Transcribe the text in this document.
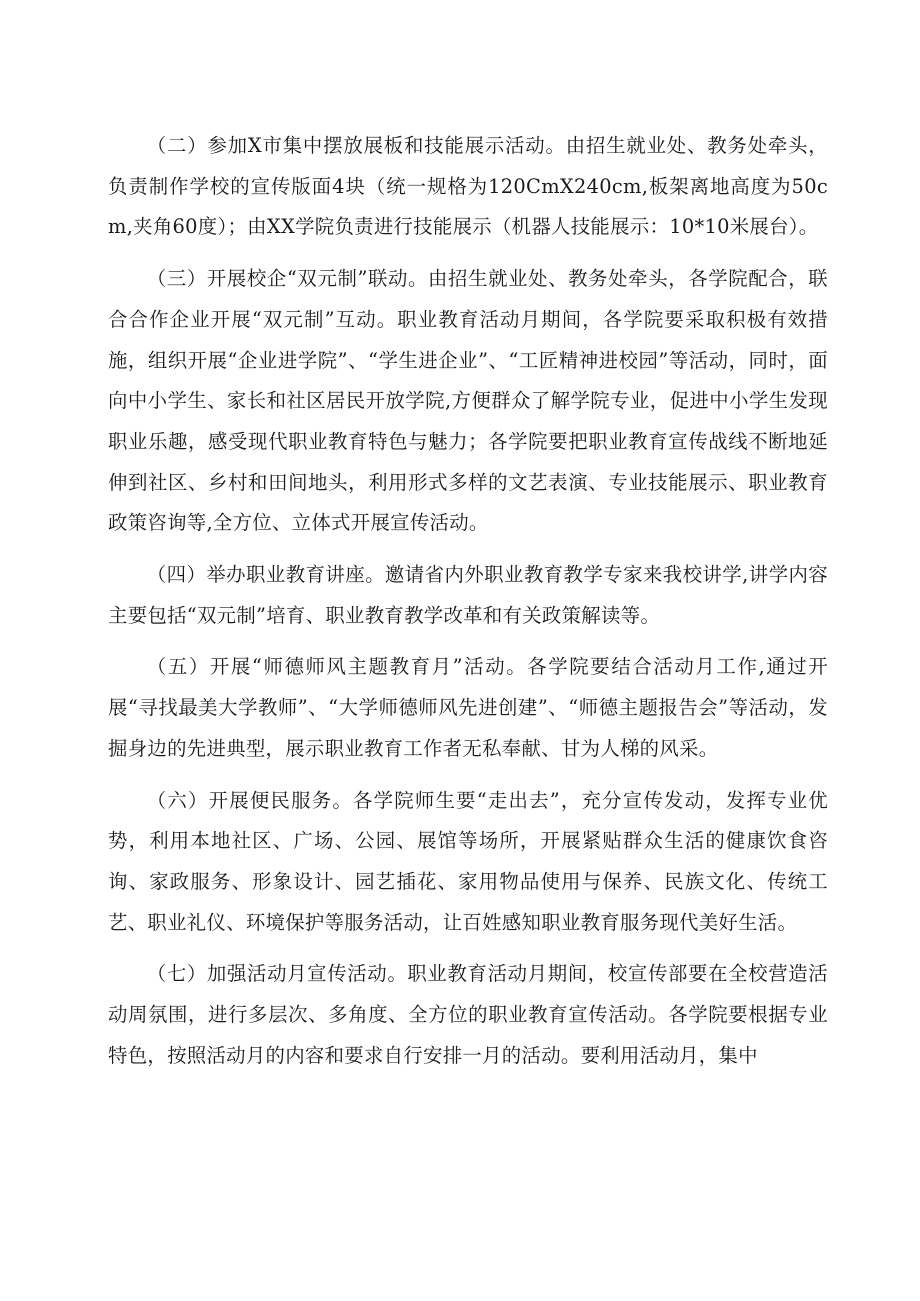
（二）参加X市集中摆放展板和技能展示活动。由招生就业处、教务处牵头，负责制作学校的宣传版面4块（统一规格为120CmX240cm,板架离地高度为50cm,夹角60度）；由XX学院负责进行技能展示（机器人技能展示：10*10米展台）。

（三）开展校企“双元制”联动。由招生就业处、教务处牵头，各学院配合，联合合作企业开展“双元制”互动。职业教育活动月期间，各学院要采取积极有效措施，组织开展“企业进学院”、“学生进企业”、“工匠精神进校园”等活动，同时，面向中小学生、家长和社区居民开放学院,方便群众了解学院专业，促进中小学生发现职业乐趣，感受现代职业教育特色与魅力；各学院要把职业教育宣传战线不断地延伸到社区、乡村和田间地头，利用形式多样的文艺表演、专业技能展示、职业教育政策咨询等,全方位、立体式开展宣传活动。

（四）举办职业教育讲座。邀请省内外职业教育教学专家来我校讲学,讲学内容主要包括“双元制”培育、职业教育教学改革和有关政策解读等。

（五）开展“师德师风主题教育月”活动。各学院要结合活动月工作,通过开展“寻找最美大学教师”、“大学师德师风先进创建”、“师德主题报告会”等活动，发掘身边的先进典型，展示职业教育工作者无私奉献、甘为人梯的风采。

（六）开展便民服务。各学院师生要“走出去”，充分宣传发动，发挥专业优势，利用本地社区、广场、公园、展馆等场所，开展紧贴群众生活的健康饮食咨询、家政服务、形象设计、园艺插花、家用物品使用与保养、民族文化、传统工艺、职业礼仪、环境保护等服务活动，让百姓感知职业教育服务现代美好生活。

（七）加强活动月宣传活动。职业教育活动月期间，校宣传部要在全校营造活动周氛围，进行多层次、多角度、全方位的职业教育宣传活动。各学院要根据专业特色，按照活动月的内容和要求自行安排一月的活动。要利用活动月，集中
